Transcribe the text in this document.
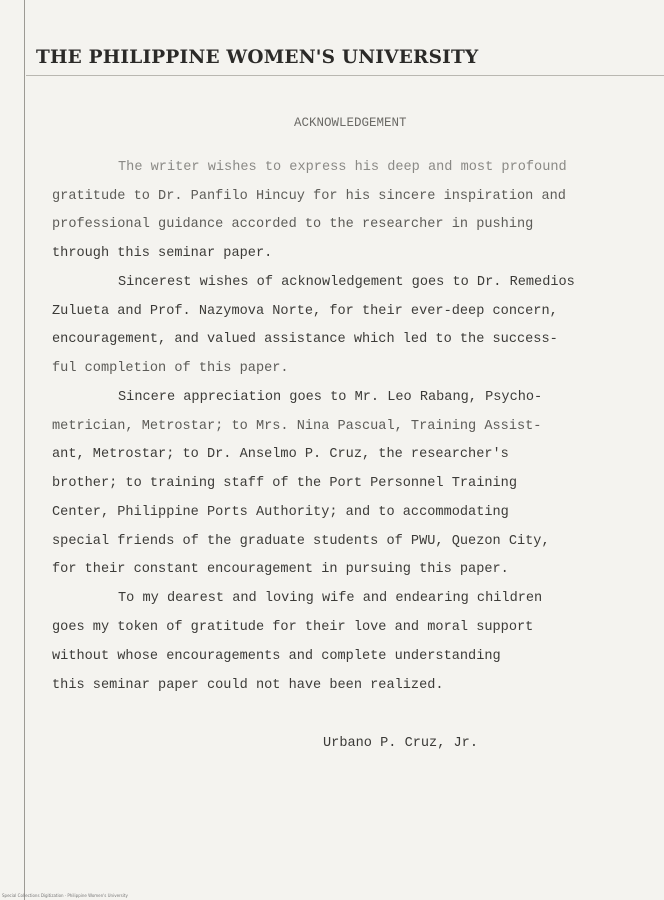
THE PHILIPPINE WOMEN'S UNIVERSITY
ACKNOWLEDGEMENT
The writer wishes to express his deep and most profound
gratitude to Dr. Panfilo Hincuy for his sincere inspiration and
professional guidance accorded to the researcher in pushing
through this seminar paper.
Sincerest wishes of acknowledgement goes to Dr. Remedios
Zulueta and Prof. Nazymova Norte, for their ever-deep concern,
encouragement, and valued assistance which led to the success-
ful completion of this paper.
Sincere appreciation goes to Mr. Leo Rabang, Psycho-
metrician, Metrostar; to Mrs. Nina Pascual, Training Assist-
ant, Metrostar; to Dr. Anselmo P. Cruz, the researcher's
brother; to training staff of the Port Personnel Training
Center, Philippine Ports Authority; and to accommodating
special friends of the graduate students of PWU, Quezon City,
for their constant encouragement in pursuing this paper.
To my dearest and loving wife and endearing children
goes my token of gratitude for their love and moral support
without whose encouragements and complete understanding
this seminar paper could not have been realized.
Urbano P. Cruz, Jr.
Special Collections Digitization · Philippine Women's University
